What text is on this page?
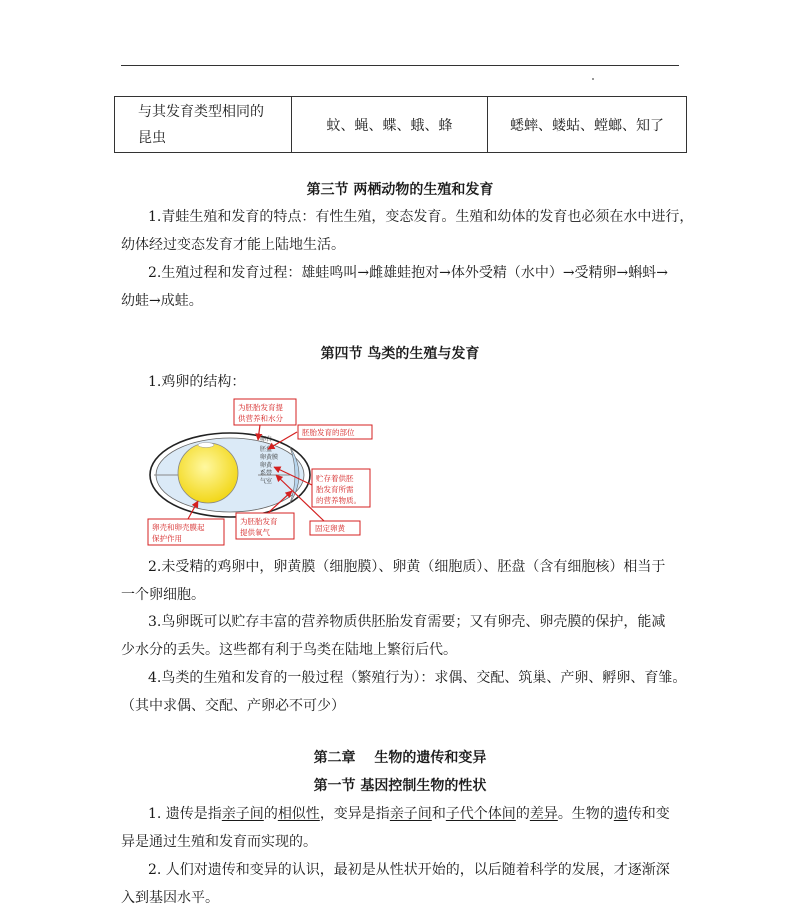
与其发育类型相同的昆虫	蚊、蝇、蝶、蛾、蜂	蟋蟀、蝼蛄、螳螂、知了

第三节 两栖动物的生殖和发育

1.青蛙生殖和发育的特点：有性生殖，变态发育。生殖和幼体的发育也必须在水中进行，

幼体经过变态发育才能上陆地生活。

2.生殖过程和发育过程：雄蛙鸣叫→雌雄蛙抱对→体外受精（水中）→受精卵→蝌蚪→

幼蛙→成蛙。

第四节 鸟类的生殖与发育

1.鸡卵的结构：

卵白
胚盘
卵黄膜
卵黄
系带
气室
为胚胎发育提
供营养和水分
胚胎发育的部位
贮存着供胚
胎发育所需
的营养物质。
卵壳和卵壳膜起
保护作用
为胚胎发育
提供氧气	固定卵黄

2.未受精的鸡卵中，卵黄膜（细胞膜）、卵黄（细胞质）、胚盘（含有细胞核）相当于

一个卵细胞。

3.鸟卵既可以贮存丰富的营养物质供胚胎发育需要；又有卵壳、卵壳膜的保护，能减

少水分的丢失。这些都有利于鸟类在陆地上繁衍后代。

4.鸟类的生殖和发育的一般过程（繁殖行为）：求偶、交配、筑巢、产卵、孵卵、育雏。

（其中求偶、交配、产卵必不可少）

第二章　 生物的遗传和变异

第一节 基因控制生物的性状

1. 遗传是指亲子间的相似性，变异是指亲子间和子代个体间的差异。生物的遗传和变

异是通过生殖和发育而实现的。

2. 人们对遗传和变异的认识，最初是从性状开始的，以后随着科学的发展，才逐渐深

入到基因水平。
